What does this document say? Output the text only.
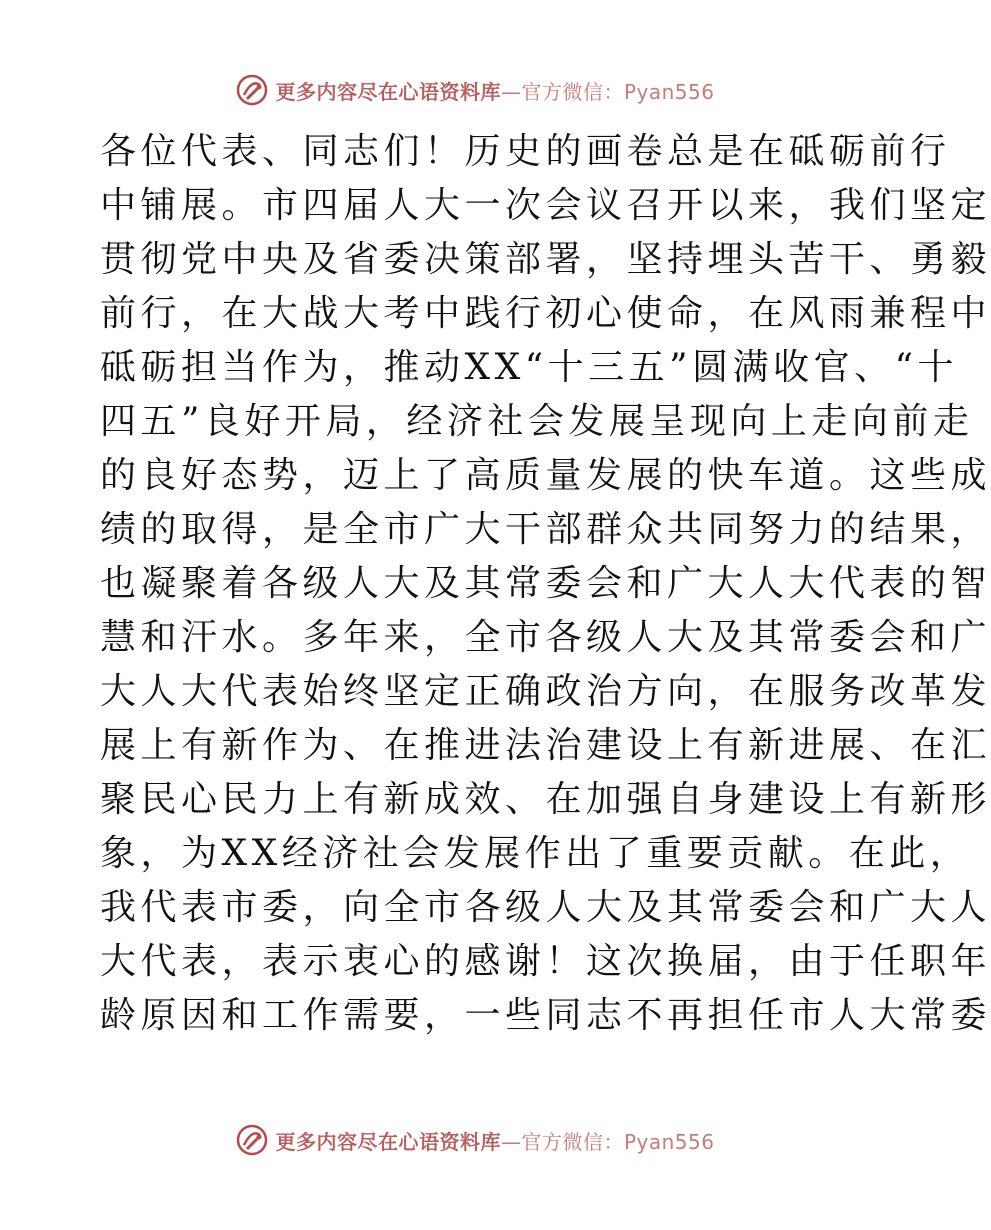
更多内容尽在心语资料库—官方微信：Pyan556
各位代表、同志们！历史的画卷总是在砥砺前行
中铺展。市四届人大一次会议召开以来，我们坚定
贯彻党中央及省委决策部署，坚持埋头苦干、勇毅
前行，在大战大考中践行初心使命，在风雨兼程中
砥砺担当作为，推动XX“十三五”圆满收官、“十
四五”良好开局，经济社会发展呈现向上走向前走
的良好态势，迈上了高质量发展的快车道。这些成
绩的取得，是全市广大干部群众共同努力的结果，
也凝聚着各级人大及其常委会和广大人大代表的智
慧和汗水。多年来，全市各级人大及其常委会和广
大人大代表始终坚定正确政治方向，在服务改革发
展上有新作为、在推进法治建设上有新进展、在汇
聚民心民力上有新成效、在加强自身建设上有新形
象，为XX经济社会发展作出了重要贡献。在此，
我代表市委，向全市各级人大及其常委会和广大人
大代表，表示衷心的感谢！这次换届，由于任职年
龄原因和工作需要，一些同志不再担任市人大常委
更多内容尽在心语资料库—官方微信：Pyan556
